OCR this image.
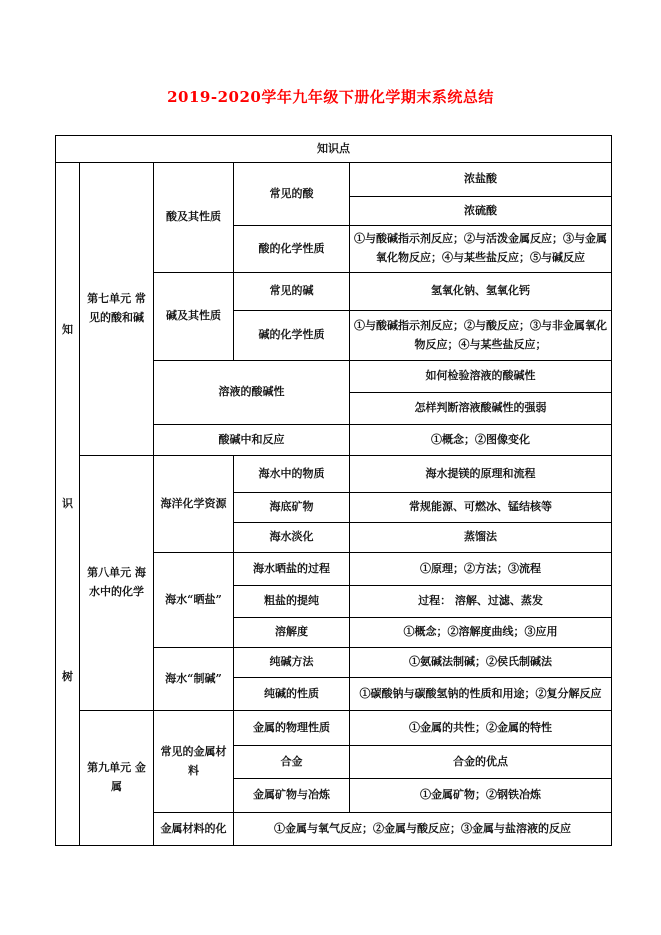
2019-2020学年九年级下册化学期末系统总结
知识点				

知
识
树	第七单元 常见的酸和碱	酸及其性质	常见的酸	浓盐酸
				浓硫酸
			酸的化学性质	①与酸碱指示剂反应；②与活泼金属反应；③与金属氧化物反应；④与某些盐反应；⑤与碱反应
		碱及其性质	常见的碱	氢氧化钠、氢氧化钙
			碱的化学性质	①与酸碱指示剂反应；②与酸反应；③与非金属氧化物反应；④与某些盐反应；
		溶液的酸碱性		如何检验溶液的酸碱性
				怎样判断溶液酸碱性的强弱
		酸碱中和反应		①概念；②图像变化
	第八单元 海水中的化学	海洋化学资源	海水中的物质	海水提镁的原理和流程
			海底矿物	常规能源、可燃冰、锰结核等
			海水淡化	蒸馏法
		海水“晒盐”	海水晒盐的过程	①原理；②方法；③流程
			粗盐的提纯	过程： 溶解、过滤、蒸发
			溶解度	①概念；②溶解度曲线；③应用
		海水“制碱”	纯碱方法	①氨碱法制碱；②侯氏制碱法
			纯碱的性质	①碳酸钠与碳酸氢钠的性质和用途；②复分解反应
	第九单元 金属	常见的金属材料	金属的物理性质	①金属的共性；②金属的特性
			合金	合金的优点
			金属矿物与冶炼	①金属矿物；②钢铁冶炼
		金属材料的化	①金属与氧气反应；②金属与酸反应；③金属与盐溶液的反应	
